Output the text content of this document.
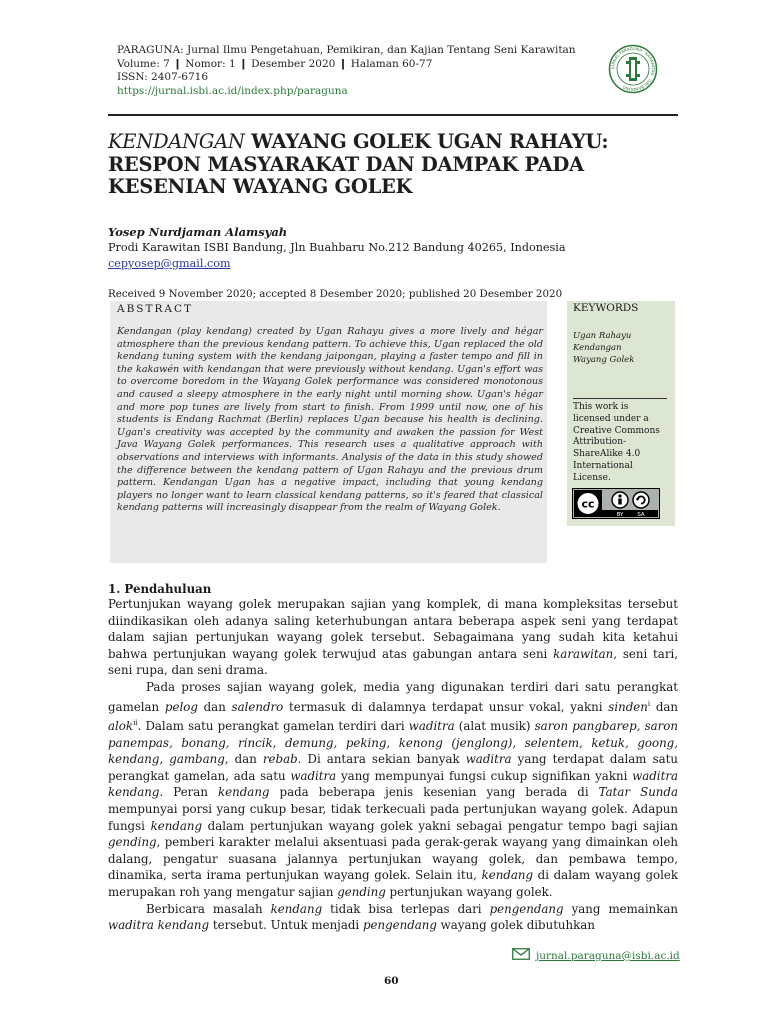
PARAGUNA: Jurnal Ilmu Pengetahuan, Pemikiran, dan Kajian Tentang Seni Karawitan
Volume: 7 ❙ Nomor: 1 ❙ Desember 2020 ❙ Halaman 60-77
ISSN: 2407-6716
https://jurnal.isbi.ac.id/index.php/paraguna
JURNAL PARAGUNA · KARAWITAN · ISBI BANDUNG
KENDANGAN WAYANG GOLEK UGAN RAHAYU:
RESPON MASYARAKAT DAN DAMPAK PADA
KESENIAN WAYANG GOLEK
Yosep Nurdjaman Alamsyah
Prodi Karawitan ISBI Bandung, Jln Buahbaru No.212 Bandung 40265, Indonesia
cepyosep@gmail.com
Received 9 November 2020; accepted 8 Desember 2020; published 20 Desember 2020
ABSTRACT
Kendangan (play kendang) created by Ugan Rahayu gives a more lively and hégar atmosphere than the previous kendang pattern. To achieve this, Ugan replaced the old kendang tuning system with the kendang jaipongan, playing a faster tempo and fill in the kakawén with kendangan that were previously without kendang. Ugan's effort was to overcome boredom in the Wayang Golek performance was considered monotonous and caused a sleepy atmosphere in the early night until morning show. Ugan's hégar and more pop tunes are lively from start to finish. From 1999 until now, one of his students is Endang Rachmat (Berlin) replaces Ugan because his health is declining. Ugan's creativity was accepted by the community and awaken the passion for West Java Wayang Golek performances. This research uses a qualitative approach with observations and interviews with informants. Analysis of the data in this study showed the difference between the kendang pattern of Ugan Rahayu and the previous drum pattern. Kendangan Ugan has a negative impact, including that young kendang players no longer want to learn classical kendang patterns, so it's feared that classical kendang patterns will increasingly disappear from the realm of Wayang Golek.
KEYWORDS
Ugan Rahayu
Kendangan
Wayang Golek
This work is
licensed under a
Creative Commons
Attribution-
ShareAlike 4.0
International
License.
cc
BY	SA
1. Pendahuluan

Pertunjukan wayang golek merupakan sajian yang komplek, di mana kompleksitas tersebut diindikasikan oleh adanya saling keterhubungan antara beberapa aspek seni yang terdapat dalam sajian pertunjukan wayang golek tersebut. Sebagaimana yang sudah kita ketahui bahwa pertunjukan wayang golek terwujud atas gabungan antara seni karawitan, seni tari, seni rupa, dan seni drama.

Pada proses sajian wayang golek, media yang digunakan terdiri dari satu perangkat gamelan pelog dan salendro termasuk di dalamnya terdapat unsur vokal, yakni sinden$^i$ dan alok$^{ii}$. Dalam satu perangkat gamelan terdiri dari waditra (alat musik) saron pangbarep, saron panempas, bonang, rincik, demung, peking, kenong (jenglong), selentem, ketuk, goong, kendang, gambang, dan rebab. Di antara sekian banyak waditra yang terdapat dalam satu perangkat gamelan, ada satu waditra yang mempunyai fungsi cukup signifikan yakni waditra kendang. Peran kendang pada beberapa jenis kesenian yang berada di Tatar Sunda mempunyai porsi yang cukup besar, tidak terkecuali pada pertunjukan wayang golek. Adapun fungsi kendang dalam pertunjukan wayang golek yakni sebagai pengatur tempo bagi sajian gending, pemberi karakter melalui aksentuasi pada gerak-gerak wayang yang dimainkan oleh dalang, pengatur suasana jalannya pertunjukan wayang golek, dan pembawa tempo, dinamika, serta irama pertunjukan wayang golek. Selain itu, kendang di dalam wayang golek merupakan roh yang mengatur sajian gending pertunjukan wayang golek.

Berbicara masalah kendang tidak bisa terlepas dari pengendang yang memainkan waditra kendang tersebut. Untuk menjadi pengendang wayang golek dibutuhkan

jurnal.paraguna@isbi.ac.id
60
